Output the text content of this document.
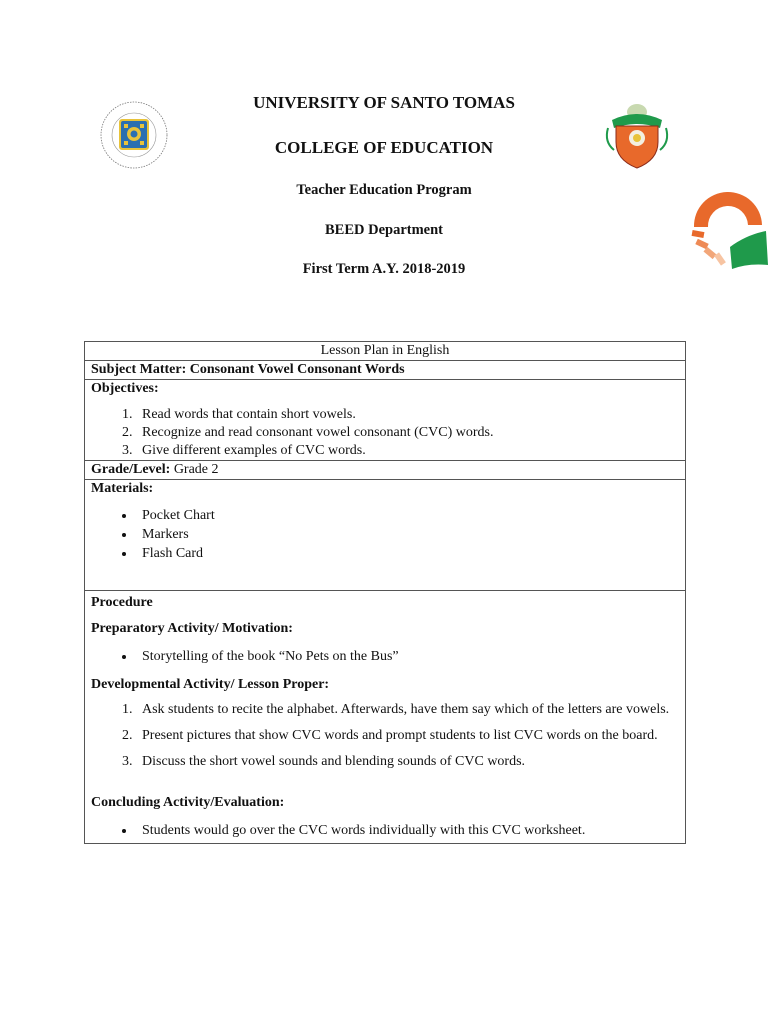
UNIVERSITY OF SANTO TOMAS
COLLEGE OF EDUCATION
Teacher Education Program
BEED Department
First Term A.Y. 2018-2019
Lesson Plan in English
Subject Matter: Consonant Vowel Consonant Words

Objectives:
1. Read words that contain short vowels.
2. Recognize and read consonant vowel consonant (CVC) words.
3. Give different examples of CVC words.

Grade/Level: Grade 2

Materials:
• Pocket Chart
• Markers
• Flash Card

Procedure
Preparatory Activity/ Motivation:
• Storytelling of the book “No Pets on the Bus”
Developmental Activity/ Lesson Proper:
1. Ask students to recite the alphabet. Afterwards, have them say which of the letters are vowels.
2. Present pictures that show CVC words and prompt students to list CVC words on the board.
3. Discuss the short vowel sounds and blending sounds of CVC words.
Concluding Activity/Evaluation:
• Students would go over the CVC words individually with this CVC worksheet.
